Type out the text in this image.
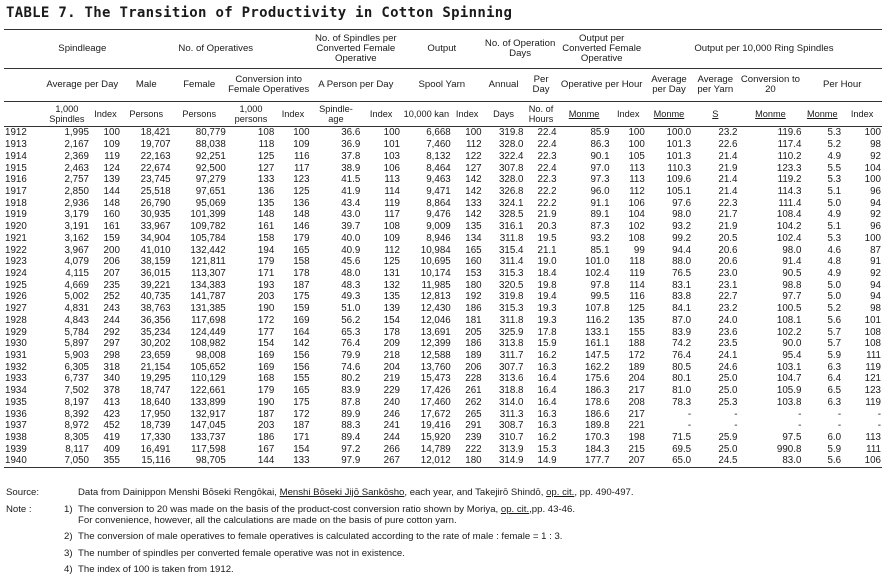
TABLE 7. The Transition of Productivity in Cotton Spinning
	Spindleage		No. of Operatives				No. of Spindles per Converted Female Operative		Output		No. of Operation Days		Output per Converted Female Operative		Output per 10,000 Ring Spindles				
	Average per Day		Male	Female	Conversion into Female Operatives		A Person per Day		Spool Yarn		Annual	Per Day	Operative per Hour		Average per Day	Average per Yarn	Conversion to 20	Per Hour	
	1,000 Spindles	Index	Persons	Persons	1,000 persons	Index	Spindle-age	Index	10,000 kan	Index	Days	No. of Hours	Monme	Index	Monme	S	Monme	Monme	Index
1912	1,995	100	18,421	80,779	108	100	36.6	100	6,668	100	319.8	22.4	85.9	100	100.0	23.2	119.6	5.3	100
1913	2,167	109	19,707	88,038	118	109	36.9	101	7,460	112	328.0	22.4	86.3	100	101.3	22.6	117.4	5.2	98
1914	2,369	119	22,163	92,251	125	116	37.8	103	8,132	122	322.4	22.3	90.1	105	101.3	21.4	110.2	4.9	92
1915	2,463	124	22,674	92,500	127	117	38.9	106	8,464	127	307.8	22.4	97.0	113	110.3	21.9	123.3	5.5	104
1916	2,757	139	23,745	97,279	133	123	41.5	113	9,463	142	328.0	22.3	97.3	113	109.6	21.4	119.2	5.3	100
1917	2,850	144	25,518	97,651	136	125	41.9	114	9,471	142	326.8	22.2	96.0	112	105.1	21.4	114.3	5.1	96
1918	2,936	148	26,790	95,069	135	136	43.4	119	8,864	133	324.1	22.2	91.1	106	97.6	22.3	111.4	5.0	94
1919	3,179	160	30,935	101,399	148	148	43.0	117	9,476	142	328.5	21.9	89.1	104	98.0	21.7	108.4	4.9	92
1920	3,191	161	33,967	109,782	161	146	39.7	108	9,009	135	316.1	20.3	87.3	102	93.2	21.9	104.2	5.1	96
1921	3,162	159	34,904	105,784	158	179	40.0	109	8,946	134	311.8	19.5	93.2	108	99.2	20.5	102.4	5.3	100
1922	3,967	200	41,010	132,442	194	165	40.9	112	10,984	165	315.4	21.1	85.1	99	94.4	20.6	98.0	4.6	87
1923	4,079	206	38,159	121,811	179	158	45.6	125	10,695	160	311.4	19.0	101.0	118	88.0	20.6	91.4	4.8	91
1924	4,115	207	36,015	113,307	171	178	48.0	131	10,174	153	315.3	18.4	102.4	119	76.5	23.0	90.5	4.9	92
1925	4,669	235	39,221	134,383	193	187	48.3	132	11,985	180	320.5	19.8	97.8	114	83.1	23.1	98.8	5.0	94
1926	5,002	252	40,735	141,787	203	175	49.3	135	12,813	192	319.8	19.4	99.5	116	83.8	22.7	97.7	5.0	94
1927	4,831	243	38,763	131,385	190	159	51.0	139	12,430	186	315.3	19.3	107.8	125	84.1	23.2	100.5	5.2	98
1928	4,843	244	36,356	117,698	172	169	56.2	154	12,046	181	311.8	19.3	116.2	135	87.0	24.0	108.1	5.6	101
1929	5,784	292	35,234	124,449	177	164	65.3	178	13,691	205	325.9	17.8	133.1	155	83.9	23.6	102.2	5.7	108
1930	5,897	297	30,202	108,982	154	142	76.4	209	12,399	186	313.8	15.9	161.1	188	74.2	23.5	90.0	5.7	108
1931	5,903	298	23,659	98,008	169	156	79.9	218	12,588	189	311.7	16.2	147.5	172	76.4	24.1	95.4	5.9	111
1932	6,305	318	21,154	105,652	169	156	74.6	204	13,760	206	307.7	16.3	162.2	189	80.5	24.6	103.1	6.3	119
1933	6,737	340	19,295	110,129	168	155	80.2	219	15,473	228	313.6	16.4	175.6	204	80.1	25.0	104.7	6.4	121
1934	7,502	378	18,747	122,661	179	165	83.9	229	17,426	261	318.8	16.4	186.3	217	81.0	25.0	105.9	6.5	123
1935	8,197	413	18,640	133,899	190	175	87.8	240	17,460	262	314.0	16.4	178.6	208	78.3	25.3	103.8	6.3	119
1936	8,392	423	17,950	132,917	187	172	89.9	246	17,672	265	311.3	16.3	186.6	217	-	-	-	-	-
1937	8,972	452	18,739	147,045	203	187	88.3	241	19,416	291	308.7	16.3	189.8	221	-	-	-	-	-
1938	8,305	419	17,330	133,737	186	171	89.4	244	15,920	239	310.7	16.2	170.3	198	71.5	25.9	97.5	6.0	113
1939	8,117	409	16,491	117,598	167	154	97.2	266	14,789	222	313.9	15.3	184.3	215	69.5	25.0	990.8	5.9	111
1940	7,050	355	15,116	98,705	144	133	97.9	267	12,012	180	314.9	14.9	177.7	207	65.0	24.5	83.0	5.6	106
Source:	Data from Dainippon Menshi Bōseki Rengōkai, Menshi Bōseki Jijō Sankōsho, each year, and Takejirō Shindō, op. cit., pp. 490-497.
Note :	1) The conversion to 20 was made on the basis of the product-cost conversion ratio shown by Moriya, op. cit.,pp. 43-46.
For convenience, however, all the calculations are made on the basis of pure cotton yarn.
2) The conversion of male operatives to female operatives is calculated according to the rate of male : female = 1 : 3.
3) The number of spindles per converted female operative was not in existence.
4) The index of 100 is taken from 1912.
